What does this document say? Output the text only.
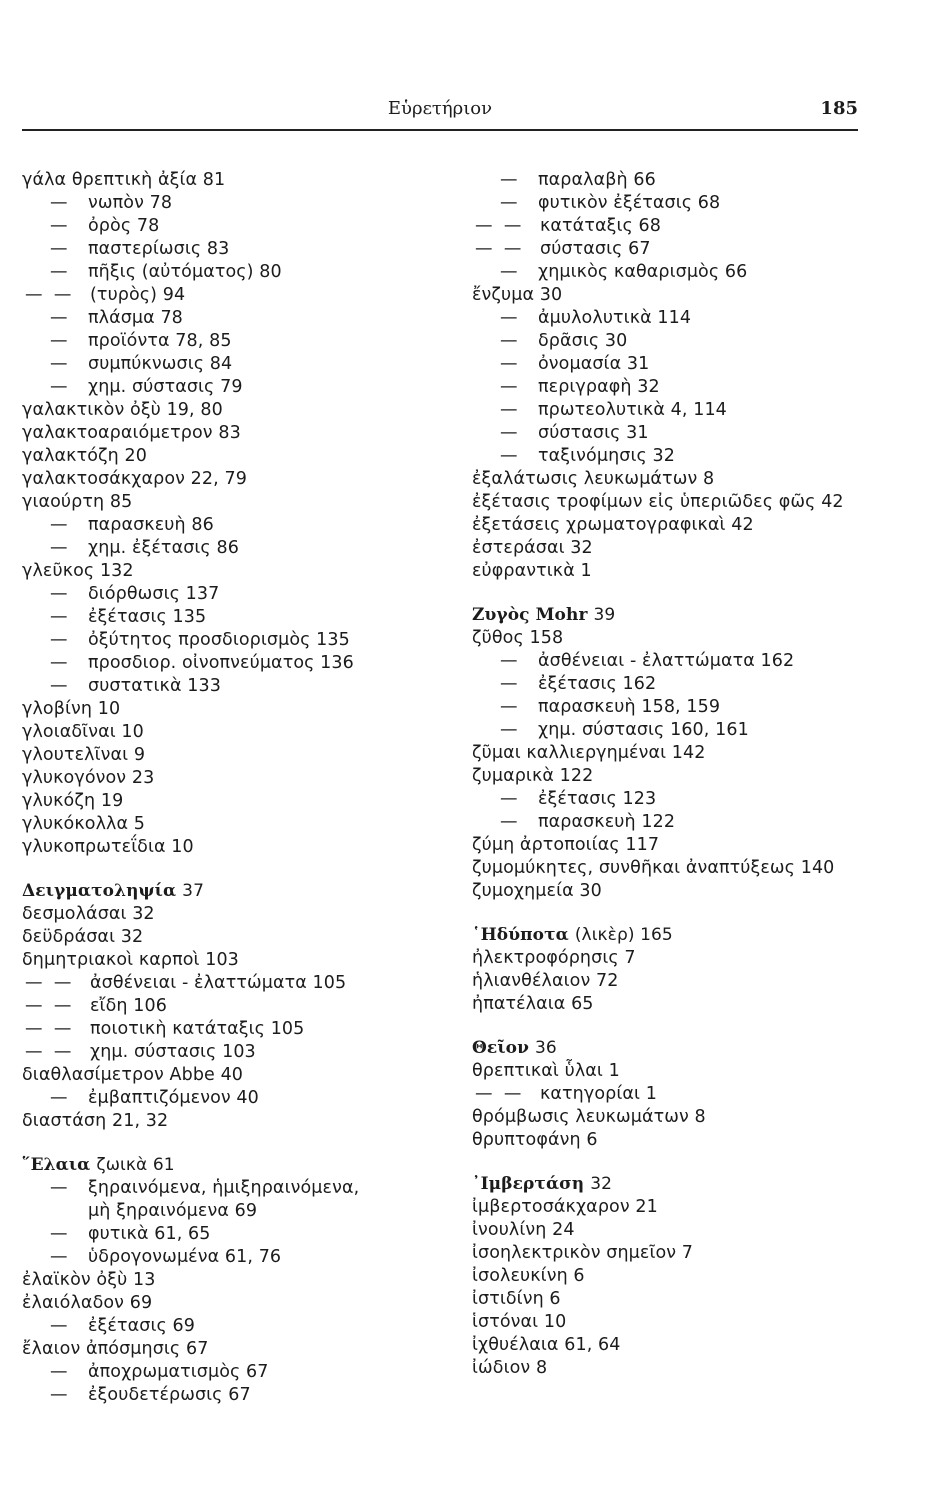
Εὑρετήριον	185
γάλα θρεπτικὴ ἀξία 81
— νωπὸν 78
— ὀρὸς 78
— παστερίωσις 83
— πῆξις (αὐτόματος) 80
— — (τυρὸς) 94
— πλάσμα 78
— προϊόντα 78, 85
— συμπύκνωσις 84
— χημ. σύστασις 79
γαλακτικὸν ὀξὺ 19, 80
γαλακτοαραιόμετρον 83
γαλακτόζη 20
γαλακτοσάκχαρον 22, 79
γιαούρτη 85
— παρασκευὴ 86
— χημ. ἐξέτασις 86
γλεῦκος 132
— διόρθωσις 137
— ἐξέτασις 135
— ὀξύτητος προσδιορισμὸς 135
— προσδιορ. οἰνοπνεύματος 136
— συστατικὰ 133
γλοβίνη 10
γλοιαδῖναι 10
γλουτελῖναι 9
γλυκογόνον 23
γλυκόζη 19
γλυκόκολλα 5
γλυκοπρωτεΐδια 10
Δειγματοληψία 37
δεσμολάσαι 32
δεϋδράσαι 32
δημητριακοὶ καρποὶ 103
— — ἀσθένειαι - ἐλαττώματα 105
— — εἴδη 106
— — ποιοτικὴ κατάταξις 105
— — χημ. σύστασις 103
διαθλασίμετρον Abbe 40
— ἐμβαπτιζόμενον 40
διαστάση 21, 32
῞Ελαια ζωικὰ 61
— ξηραινόμενα, ἡμιξηραινόμενα,
μὴ ξηραινόμενα 69
— φυτικὰ 61, 65
— ὑδρογονωμένα 61, 76
ἐλαϊκὸν ὀξὺ 13
ἐλαιόλαδον 69
— ἐξέτασις 69
ἔλαιον ἀπόσμησις 67
— ἀποχρωματισμὸς 67
— ἐξουδετέρωσις 67
— παραλαβὴ 66
— φυτικὸν ἐξέτασις 68
— — κατάταξις 68
— — σύστασις 67
— χημικὸς καθαρισμὸς 66
ἔνζυμα 30
— ἀμυλολυτικὰ 114
— δρᾶσις 30
— ὀνομασία 31
— περιγραφὴ 32
— πρωτεολυτικὰ 4, 114
— σύστασις 31
— ταξινόμησις 32
ἐξαλάτωσις λευκωμάτων 8
ἐξέτασις τροφίμων εἰς ὑπεριῶδες φῶς 42
ἐξετάσεις χρωματογραφικαὶ 42
ἐστεράσαι 32
εὐφραντικὰ 1
Ζυγὸς Mohr 39
ζῦθος 158
— ἀσθένειαι - ἐλαττώματα 162
— ἐξέτασις 162
— παρασκευὴ 158, 159
— χημ. σύστασις 160, 161
ζῦμαι καλλιεργημέναι 142
ζυμαρικὰ 122
— ἐξέτασις 123
— παρασκευὴ 122
ζύμη ἀρτοποιίας 117
ζυμομύκητες, συνθῆκαι ἀναπτύξεως 140
ζυμοχημεία 30
῾Ηδύποτα (λικὲρ) 165
ἠλεκτροφόρησις 7
ἡλιανθέλαιον 72
ἠπατέλαια 65
Θεῖον 36
θρεπτικαὶ ὗλαι 1
— — κατηγορίαι 1
θρόμβωσις λευκωμάτων 8
θρυπτοφάνη 6
᾽Ιμβερτάση 32
ἰμβερτοσάκχαρον 21
ἰνουλίνη 24
ἰσοηλεκτρικὸν σημεῖον 7
ἰσολευκίνη 6
ἰστιδίνη 6
ἱστόναι 10
ἰχθυέλαια 61, 64
ἰώδιον 8
